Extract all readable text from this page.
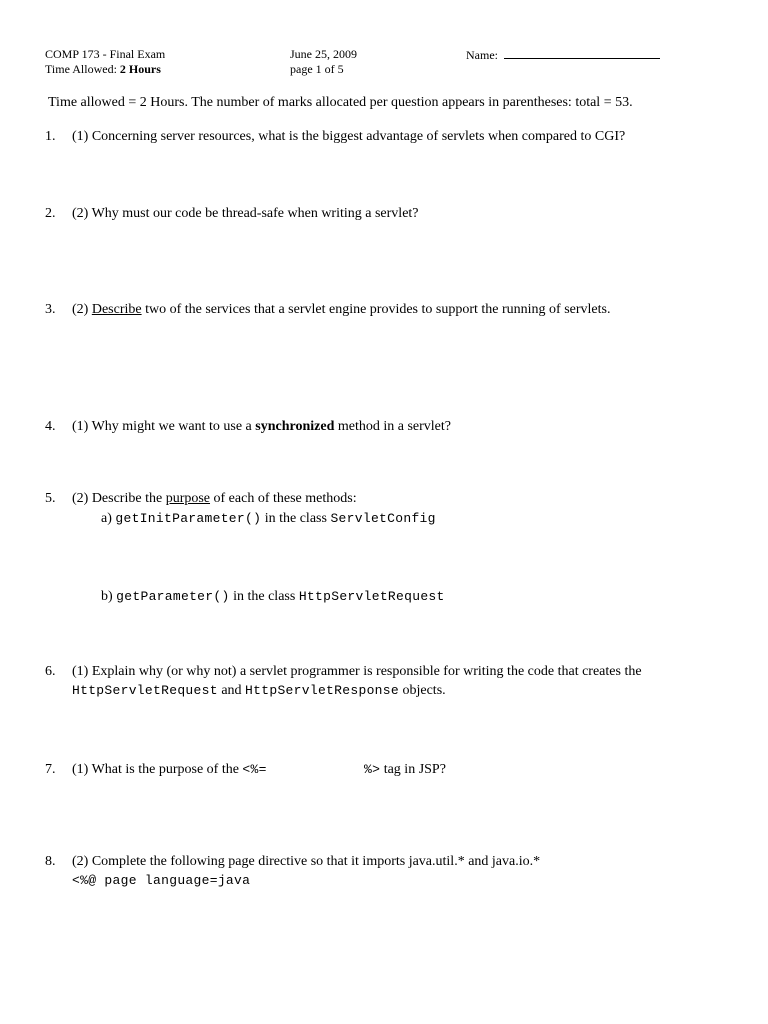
COMP 173 - Final Exam
Time Allowed: 2 Hours
June 25, 2009
page 1 of 5
Name:
Time allowed = 2 Hours. The number of marks allocated per question appears in parentheses: total = 53.
1. (1) Concerning server resources, what is the biggest advantage of servlets when compared to CGI?
2. (2) Why must our code be thread-safe when writing a servlet?
3. (2) Describe two of the services that a servlet engine provides to support the running of servlets.
4. (1) Why might we want to use a synchronized method in a servlet?
5. (2) Describe the purpose of each of these methods:
a) getInitParameter() in the class ServletConfig
b) getParameter() in the class HttpServletRequest
6. (1) Explain why (or why not) a servlet programmer is responsible for writing the code that creates the
HttpServletRequest and HttpServletResponse objects.
7. (1) What is the purpose of the <%=	%> tag in JSP?
8. (2) Complete the following page directive so that it imports java.util.* and java.io.*
<%@ page language=java
